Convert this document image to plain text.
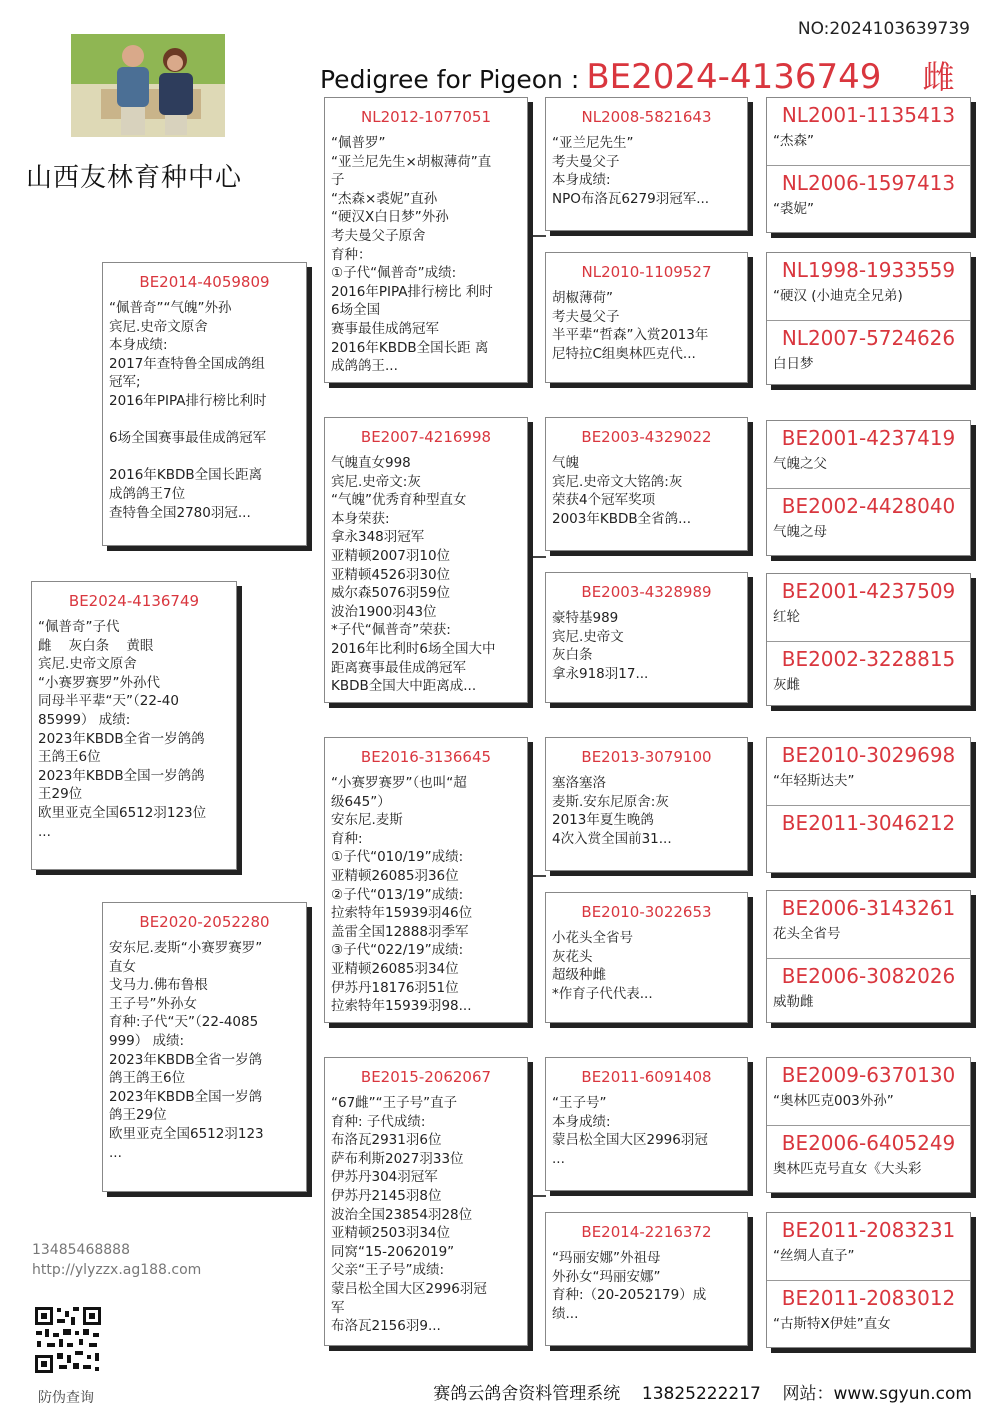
NO:2024103639739
山西友林育种中心
Pedigree for Pigeon : BE2024-4136749 雌
BE2024-4136749
“佩普奇”子代
雌    灰白条    黄眼
宾尼.史帝文原舍
“小赛罗赛罗”外孙代
同母半平辈“天”（22-40
85999） 成绩:
2023年KBDB全省一岁鸽鸽
王鸽王6位
2023年KBDB全国一岁鸽鸽
王29位
欧里亚克全国6512羽123位
...
BE2014-4059809
“佩普奇”“气魄”外孙
宾尼.史帝文原舍
本身成绩:
2017年查特鲁全国成鸽组
冠军;
2016年PIPA排行榜比利时

6场全国赛事最佳成鸽冠军

2016年KBDB全国长距离
成鸽鸽王7位
查特鲁全国2780羽冠...
BE2020-2052280
安东尼.麦斯“小赛罗赛罗”
直女
戈马力.佛布鲁根
王子号”外孙女
育种:子代“天”（22-4085
999） 成绩:
2023年KBDB全省一岁鸽
鸽王鸽王6位
2023年KBDB全国一岁鸽
鸽王29位
欧里亚克全国6512羽123
...
NL2012-1077051
“佩普罗”
“亚兰尼先生×胡椒薄荷”直
子
“杰森×裘妮”直孙
“硬汉X白日梦”外孙
考夫曼父子原舍
育种：
①子代“佩普奇”成绩:
2016年PIPA排行榜比 利时
6场全国
赛事最佳成鸽冠军
2016年KBDB全国长距 离
成鸽鸽王...
BE2007-4216998
气魄直女998
宾尼.史帝文:灰
“气魄”优秀育种型直女
本身荣获:
拿永348羽冠军
亚精顿2007羽10位
亚精顿4526羽30位
威尔森5076羽59位
波治1900羽43位
*子代“佩普奇”荣获:
2016年比利时6场全国大中
距离赛事最佳成鸽冠军
KBDB全国大中距离成...
BE2016-3136645
“小赛罗赛罗”（也叫“超
级645”）
安东尼.麦斯
育种:
①子代“010/19”成绩:
亚精顿26085羽36位
②子代“013/19”成绩:
拉索特年15939羽46位
盖雷全国12888羽季军
③子代“022/19”成绩:
亚精顿26085羽34位
伊苏丹18176羽51位
拉索特年15939羽98...
BE2015-2062067
“67雌”“王子号”直子
育种: 子代成绩:
布洛瓦2931羽6位
萨布利斯2027羽33位
伊苏丹304羽冠军
伊苏丹2145羽8位
波治全国23854羽28位
亚精顿2503羽34位
同窝“15-2062019”
父亲“王子号”成绩:
蒙吕松全国大区2996羽冠
军
布洛瓦2156羽9...
NL2008-5821643
“亚兰尼先生”
考夫曼父子
本身成绩:
NPO布洛瓦6279羽冠军...
NL2010-1109527
胡椒薄荷”
考夫曼父子
半平辈“哲森”入赏2013年
尼特拉C组奥林匹克代...
BE2003-4329022
气魄
宾尼.史帝文大铭鸽:灰
荣获4个冠军奖项
2003年KBDB全省鸽...
BE2003-4328989
豪特基989
宾尼.史帝文
灰白条
拿永918羽17...
BE2013-3079100
塞洛塞洛
麦斯.安东尼原舍:灰
2013年夏生晚鸽
4次入赏全国前31...
BE2010-3022653
小花头全省号
灰花头
超级种雌
*作育子代代表...
BE2011-6091408
“王子号”
本身成绩:
蒙吕松全国大区2996羽冠
...
BE2014-2216372
“玛丽安娜”外祖母
外孙女“玛丽安娜”
育种:（20-2052179）成
绩...
NL2001-1135413
“杰森”
NL2006-1597413
“裘妮”
NL1998-1933559
“硬汉 (小迪克全兄弟)
NL2007-5724626
白日梦
BE2001-4237419
气魄之父
BE2002-4428040
气魄之母
BE2001-4237509
红轮
BE2002-3228815
灰雌
BE2010-3029698
“年轻斯达夫”
BE2011-3046212
BE2006-3143261
花头全省号
BE2006-3082026
威勒雌
BE2009-6370130
“奥林匹克003外孙”
BE2006-6405249
奥林匹克号直女《大头彩
BE2011-2083231
“丝绸人直子”
BE2011-2083012
“古斯特X伊娃”直女
13485468888
http://ylyzzx.ag188.com
防伪查询	赛鸽云鸽舍资料管理系统    13825222217    网站：www.sgyun.com
